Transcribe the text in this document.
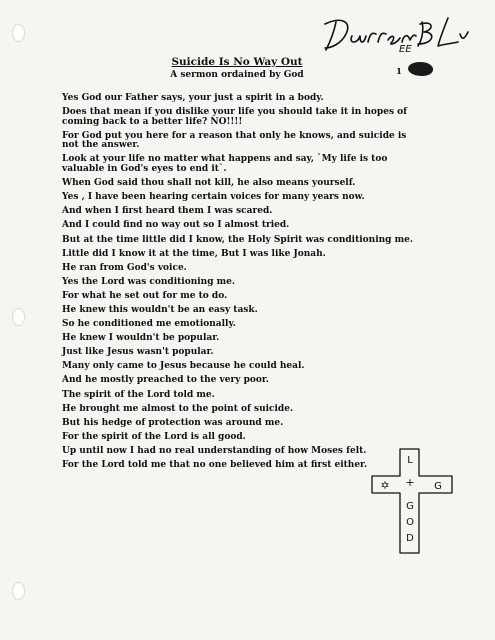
EE
1
Suicide Is No Way Out
A sermon ordained by God

Yes God our Father says, your just a spirit in a body.

Does that mean if you dislike your life you should take it in hopes of coming back to a better life? NO!!!!

For God put you here for a reason that only he knows, and suicide is not the answer.

Look at your life no matter what happens and say, `My life is too valuable in God's eyes to end it`.

When God said thou shall not kill, he also means yourself.

Yes , I have been hearing certain voices for many years now.

And when I first heard them I was scared.

And I could find no way out so I almost tried.

But at the time little did I know, the Holy Spirit was conditioning me.

Little did I know it at the time, But I was like Jonah.

He ran from God's voice.

Yes the Lord was conditioning me.

For what he set out for me to do.

He knew this wouldn't be an easy task.

So he conditioned me emotionally.

He knew I wouldn't be popular.

Just like Jesus wasn't popular.

Many only came to Jesus because he could heal.

And he mostly preached to the very poor.

The spirit of the Lord told me.

He brought me almost to the point of suicide.

But his hedge of protection was around me.

For the spirit of the Lord is all good.

Up until now I had no real understanding of how Moses felt.

For the Lord told me that no one believed him at first either.	L
+
✡	G
G
O
D
